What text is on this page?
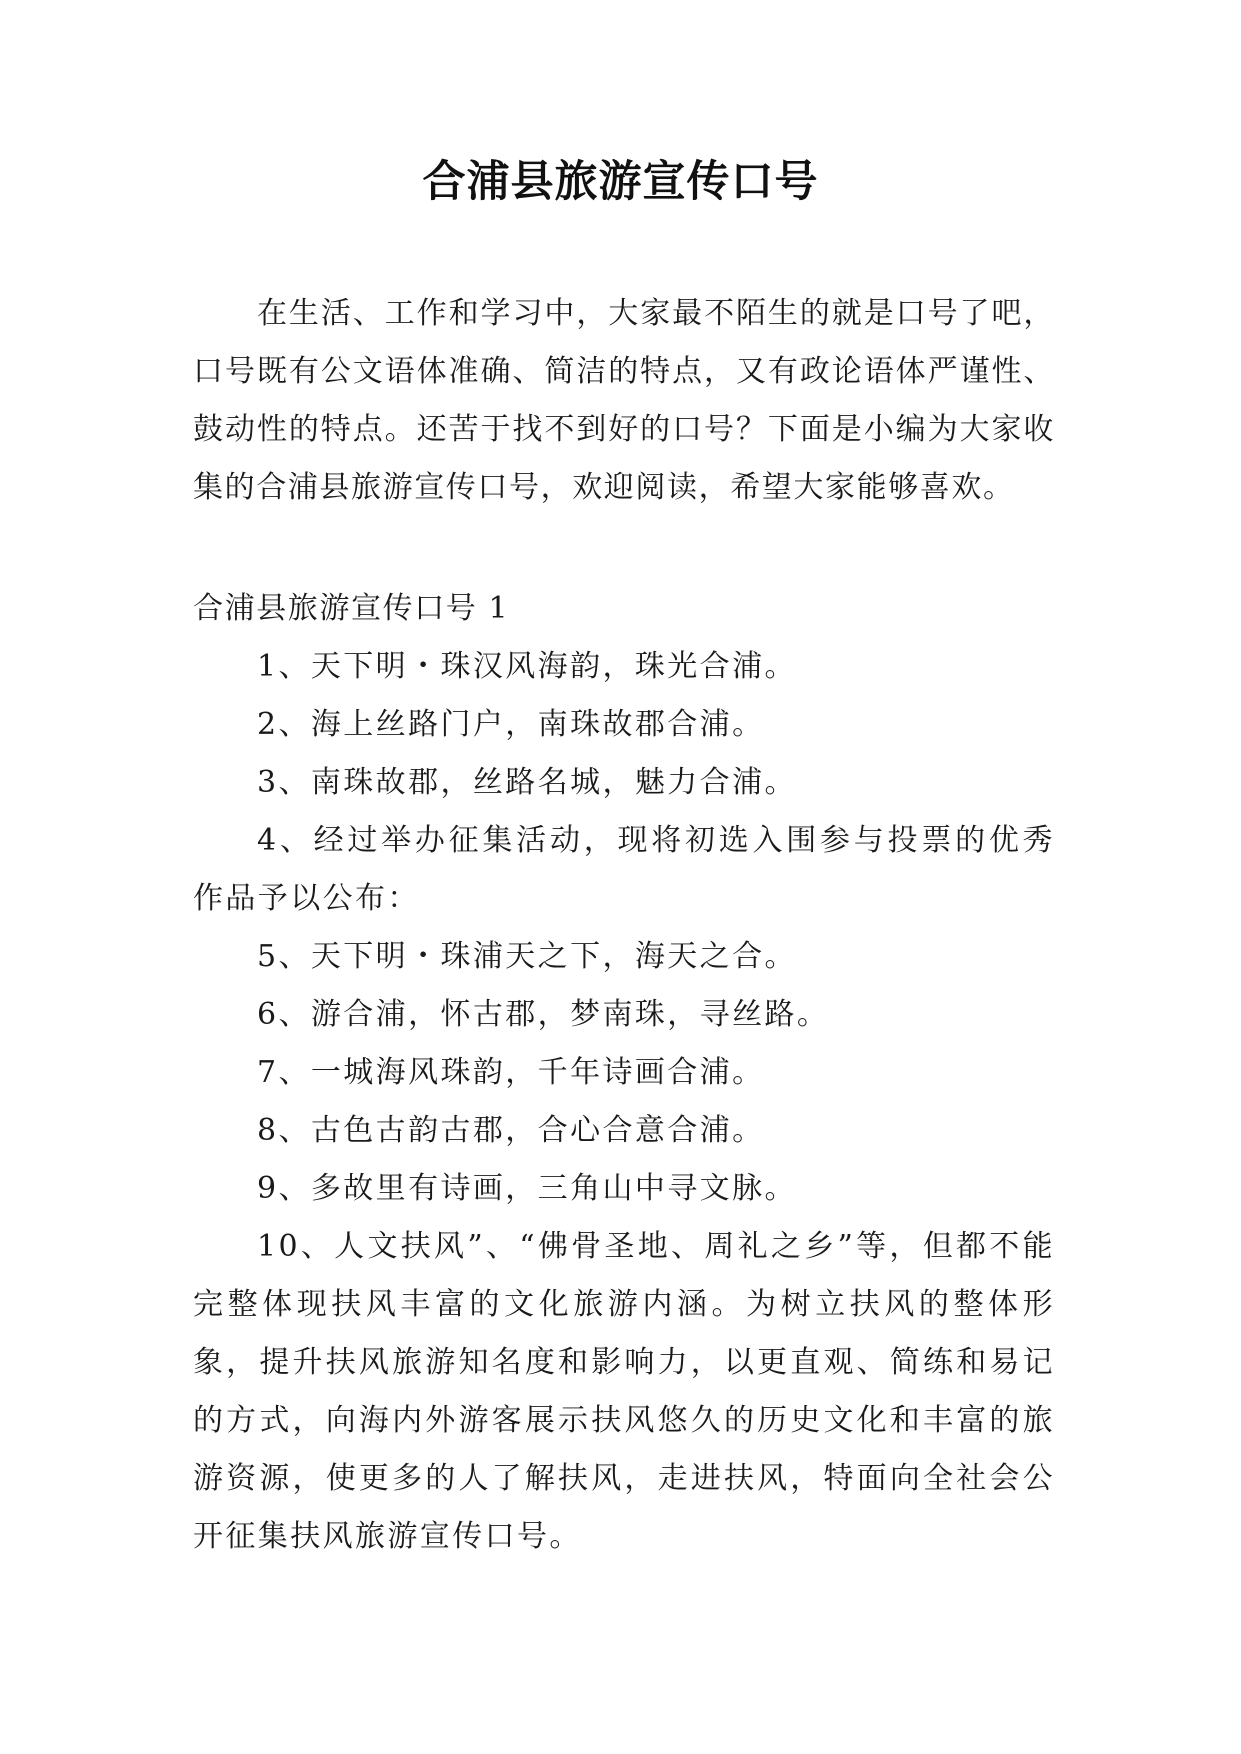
合浦县旅游宣传口号

在生活、工作和学习中，大家最不陌生的就是口号了吧，口号既有公文语体准确、简洁的特点，又有政论语体严谨性、鼓动性的特点。还苦于找不到好的口号？下面是小编为大家收集的合浦县旅游宣传口号，欢迎阅读，希望大家能够喜欢。

合浦县旅游宣传口号 1
1、天下明・珠汉风海韵，珠光合浦。
2、海上丝路门户，南珠故郡合浦。
3、南珠故郡，丝路名城，魅力合浦。
4、经过举办征集活动，现将初选入围参与投票的优秀作品予以公布：
5、天下明・珠浦天之下，海天之合。
6、游合浦，怀古郡，梦南珠，寻丝路。
7、一城海风珠韵，千年诗画合浦。
8、古色古韵古郡，合心合意合浦。
9、多故里有诗画，三角山中寻文脉。
10、人文扶风”、“佛骨圣地、周礼之乡”等，但都不能完整体现扶风丰富的文化旅游内涵。为树立扶风的整体形象，提升扶风旅游知名度和影响力，以更直观、简练和易记的方式，向海内外游客展示扶风悠久的历史文化和丰富的旅游资源，使更多的人了解扶风，走进扶风，特面向全社会公开征集扶风旅游宣传口号。
